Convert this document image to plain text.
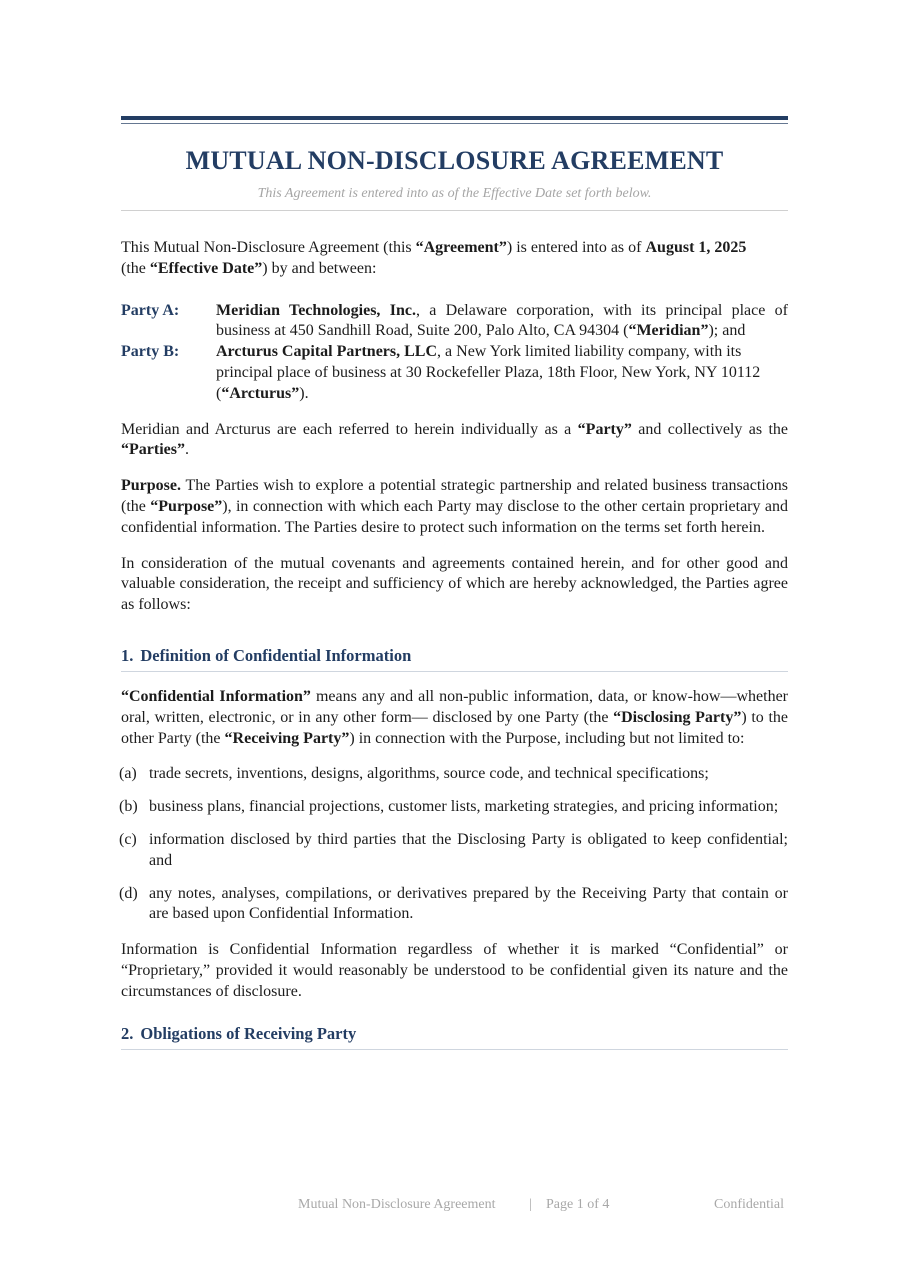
MUTUAL NON-DISCLOSURE AGREEMENT
This Agreement is entered into as of the Effective Date set forth below.

This Mutual Non-Disclosure Agreement (this “Agreement”) is entered into as of August 1, 2025
(the “Effective Date”) by and between:

Party A:	Meridian Technologies, Inc., a Delaware corporation, with its principal place of business at 450 Sandhill Road, Suite 200, Palo Alto, CA 94304 (“Meridian”); and
Party B:	Arcturus Capital Partners, LLC, a New York limited liability company, with its principal place of business at 30 Rockefeller Plaza, 18th Floor, New York, NY 10112 (“Arcturus”).

Meridian and Arcturus are each referred to herein individually as a “Party” and collectively as the “Parties”.

Purpose. The Parties wish to explore a potential strategic partnership and related business transactions (the “Purpose”), in connection with which each Party may disclose to the other certain proprietary and confidential information. The Parties desire to protect such information on the terms set forth herein.

In consideration of the mutual covenants and agreements contained herein, and for other good and valuable consideration, the receipt and sufficiency of which are hereby acknowledged, the Parties agree as follows:

1. Definition of Confidential Information

“Confidential Information” means any and all non-public information, data, or know-how—whether oral, written, electronic, or in any other form— disclosed by one Party (the “Disclosing Party”) to the other Party (the “Receiving Party”) in connection with the Purpose, including but not limited to:

(a) trade secrets, inventions, designs, algorithms, source code, and technical specifications;
(b) business plans, financial projections, customer lists, marketing strategies, and pricing information;
(c) information disclosed by third parties that the Disclosing Party is obligated to keep confidential; and
(d) any notes, analyses, compilations, or derivatives prepared by the Receiving Party that contain or are based upon Confidential Information.

Information is Confidential Information regardless of whether it is marked “Confidential” or “Proprietary,” provided it would reasonably be understood to be confidential given its nature and the circumstances of disclosure.

2. Obligations of Receiving Party
Mutual Non-Disclosure Agreement | Page 1 of 4	Confidential
